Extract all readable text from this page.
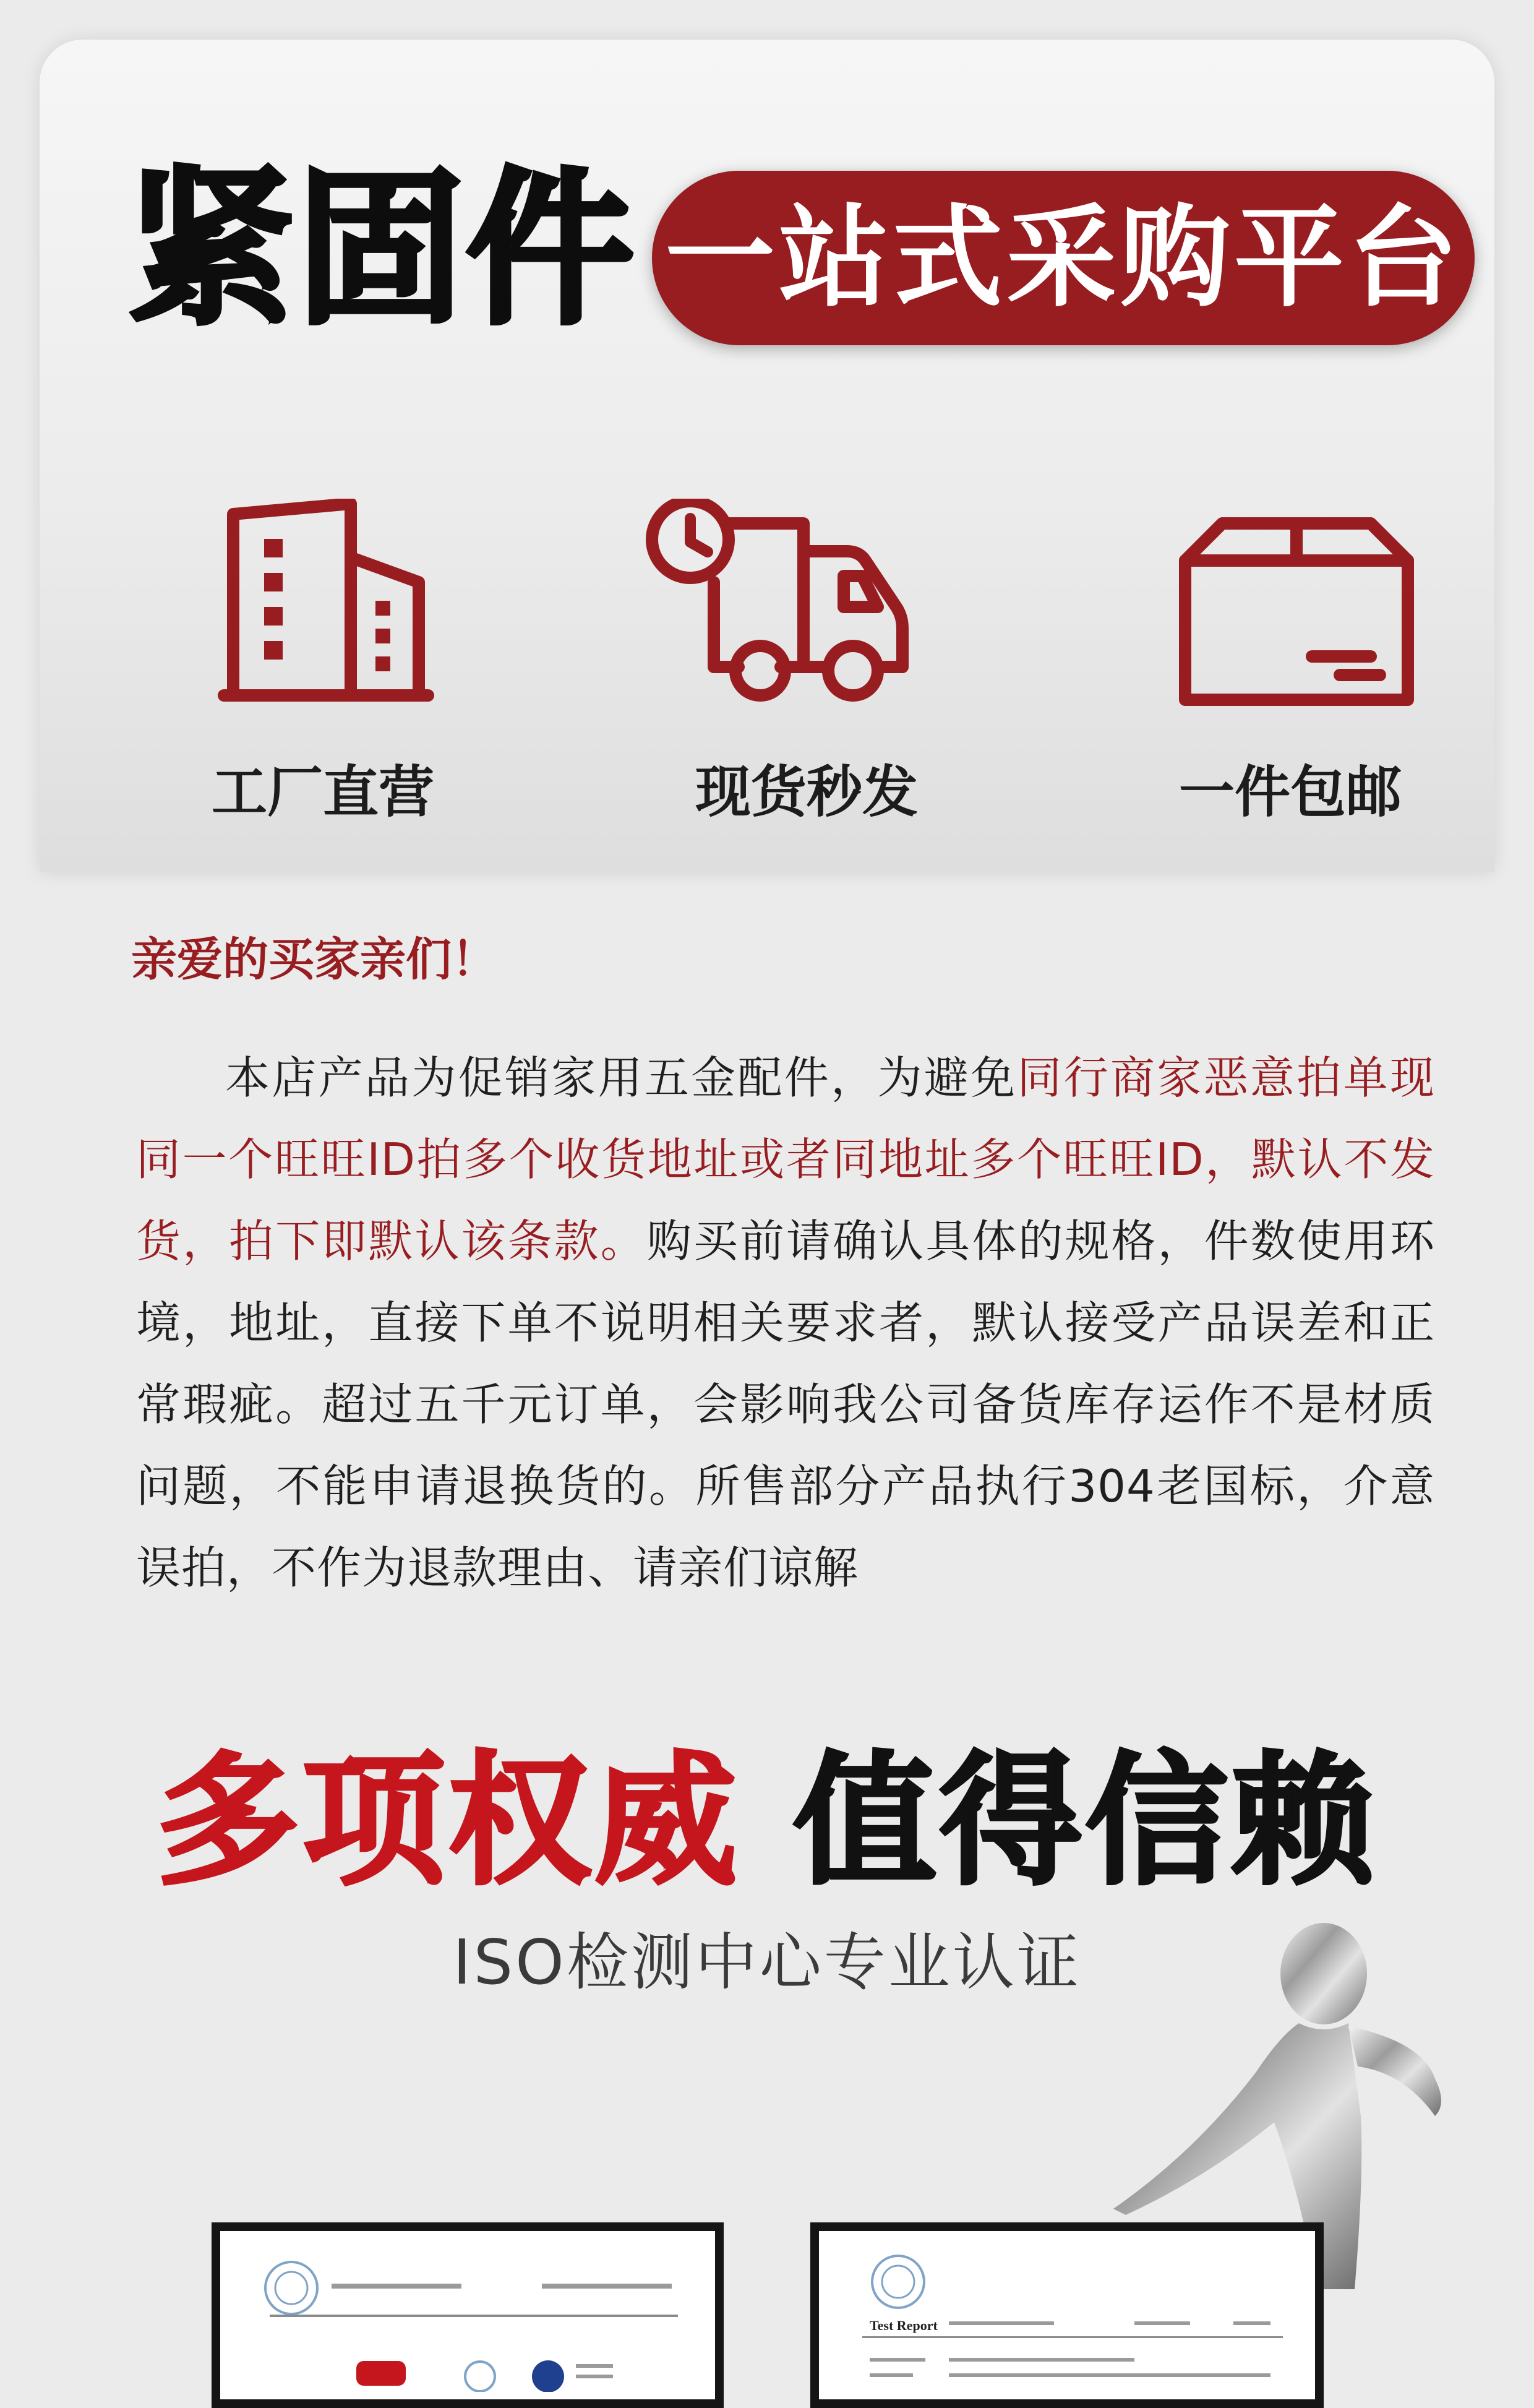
紧固件 一站式采购平台
工厂直营	现货秒发	一件包邮
亲爱的买家亲们！

本店产品为促销家用五金配件，为避免同行商家恶意拍单现同一个旺旺ID拍多个收货地址或者同地址多个旺旺ID，默认不发货，拍下即默认该条款。购买前请确认具体的规格，件数使用环境，地址，直接下单不说明相关要求者，默认接受产品误差和正常瑕疵。超过五千元订单，会影响我公司备货库存运作不是材质问题，不能申请退换货的。所售部分产品执行304老国标，介意误拍，不作为退款理由、请亲们谅解

多项权威 值得信赖
ISO检测中心专业认证
Test Report
